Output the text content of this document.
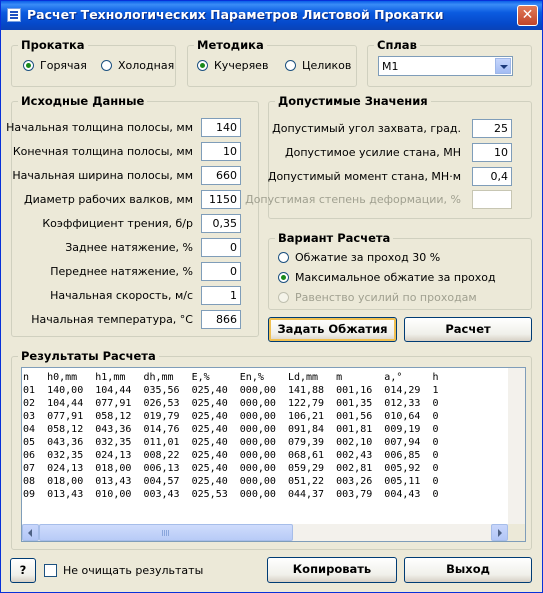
Расчет Технологических Параметров Листовой Прокатки	✕
Прокатка
Горячая	Холодная
Методика
Кучеряев	Целиков
Сплав
М1
Исходные Данные
Начальная толщина полосы, мм	140
Конечная толщина полосы, мм	10
Начальная ширина полосы, мм	660
Диаметр рабочих валков, мм	1150
Коэффициент трения, б/р	0,35
Заднее натяжение, %	0
Переднее натяжение, %	0
Начальная скорость, м/с	1
Начальная температура, °С	866
Допустимые Значения
Допустимый угол захвата, град.	25
Допустимое усилие стана, МН	10
Допустимый момент стана, МН·м	0,4
Допустимая степень деформации, %
Вариант Расчета
Обжатие за проход 30 %
Максимальное обжатие за проход
Равенство усилий по проходам
Задать Обжатия	Расчет
Результаты Расчета
n   h0,mm   h1,mm   dh,mm   E,%     En,%    Ld,mm   m       a,°     h
01  140,00  104,44  035,56  025,40  000,00  141,88  001,16  014,29  1
02  104,44  077,91  026,53  025,40  000,00  122,79  001,35  012,33  0
03  077,91  058,12  019,79  025,40  000,00  106,21  001,56  010,64  0
04  058,12  043,36  014,76  025,40  000,00  091,84  001,81  009,19  0
05  043,36  032,35  011,01  025,40  000,00  079,39  002,10  007,94  0
06  032,35  024,13  008,22  025,40  000,00  068,61  002,43  006,85  0
07  024,13  018,00  006,13  025,40  000,00  059,29  002,81  005,92  0
08  018,00  013,43  004,57  025,40  000,00  051,22  003,26  005,11  0
09  013,43  010,00  003,43  025,53  000,00  044,37  003,79  004,43  0
?	Не очищать результаты	Копировать	Выход
